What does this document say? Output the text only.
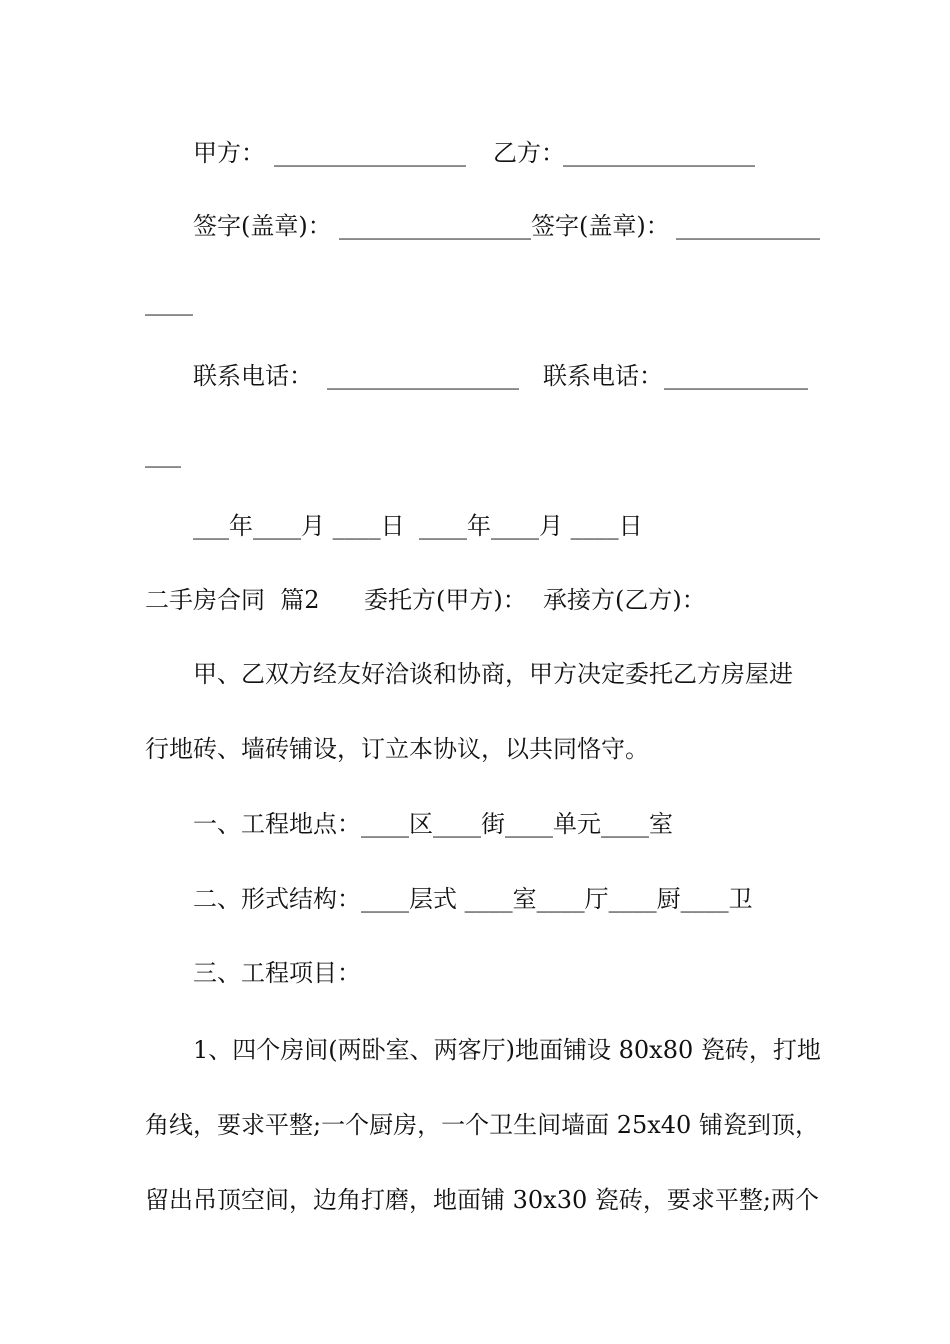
甲方：

________________

乙方：

________________

签字(盖章)：

________________

签字(盖章)：

____________

____

联系电话：

________________

联系电话：

____________

___

___年____月 ____日

____年____月 ____日

二手房合同  篇2

委托方(甲方)：

承接方(乙方)：

甲、乙双方经友好洽谈和协商，甲方决定委托乙方房屋进

行地砖、墙砖铺设，订立本协议，以共同恪守。

一、工程地点：____区____街____单元____室

二、形式结构：____层式 ____室____厅____厨____卫

三、工程项目：

1、四个房间(两卧室、两客厅)地面铺设 80x80 瓷砖，打地

角线，要求平整;一个厨房，一个卫生间墙面 25x40 铺瓷到顶，

留出吊顶空间，边角打磨，地面铺 30x30 瓷砖，要求平整;两个
